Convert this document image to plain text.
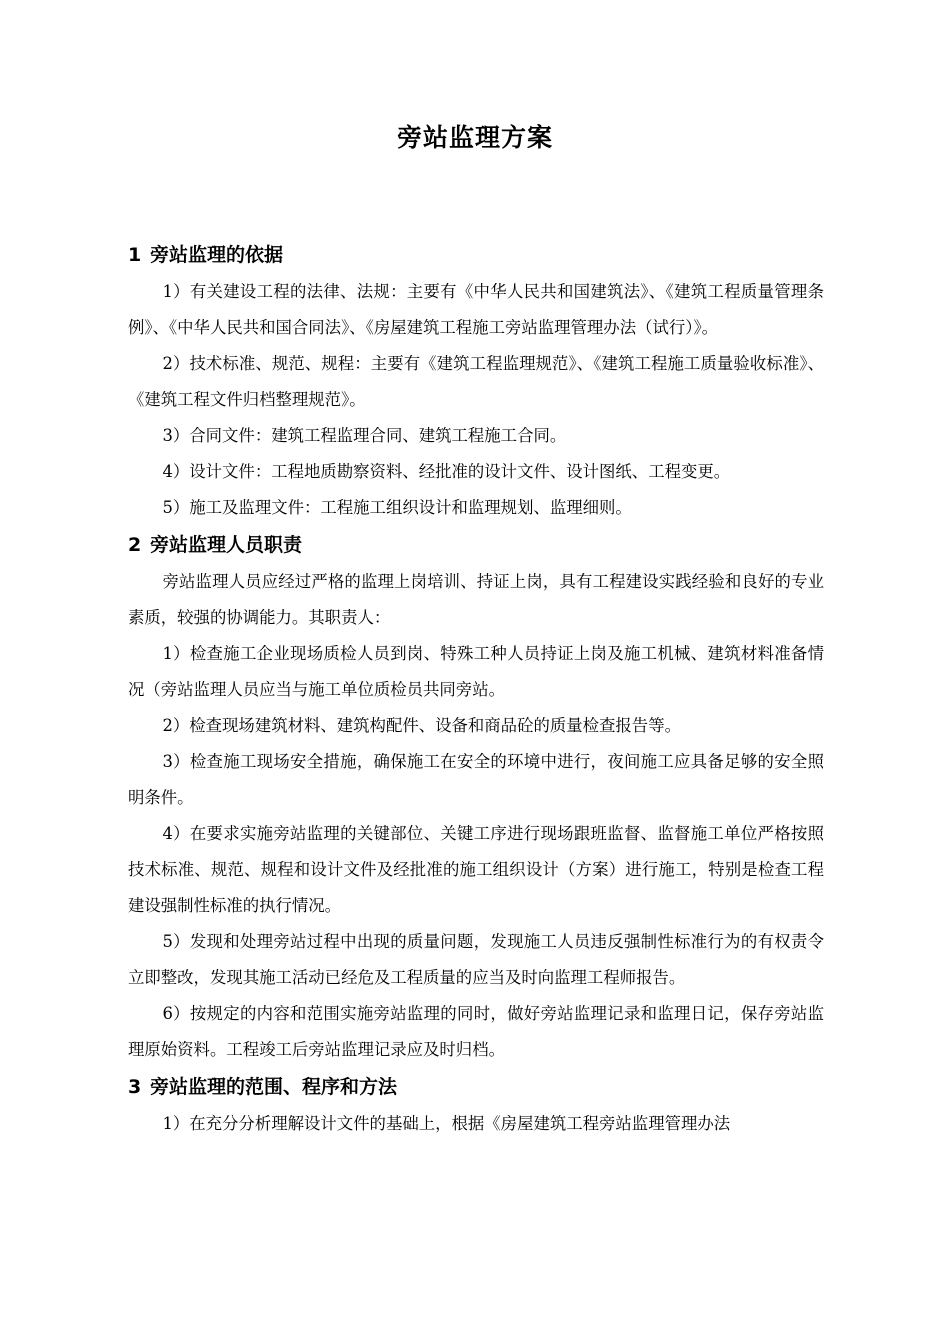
旁站监理方案
1 旁站监理的依据

1）有关建设工程的法律、法规：主要有《中华人民共和国建筑法》、《建筑工程质量管理条例》、《中华人民共和国合同法》、《房屋建筑工程施工旁站监理管理办法（试行）》。

2）技术标准、规范、规程：主要有《建筑工程监理规范》、《建筑工程施工质量验收标准》、《建筑工程文件归档整理规范》。

3）合同文件：建筑工程监理合同、建筑工程施工合同。

4）设计文件：工程地质勘察资料、经批准的设计文件、设计图纸、工程变更。

5）施工及监理文件：工程施工组织设计和监理规划、监理细则。

2 旁站监理人员职责

旁站监理人员应经过严格的监理上岗培训、持证上岗，具有工程建设实践经验和良好的专业素质，较强的协调能力。其职责人：

1）检查施工企业现场质检人员到岗、特殊工种人员持证上岗及施工机械、建筑材料准备情况（旁站监理人员应当与施工单位质检员共同旁站。

2）检查现场建筑材料、建筑构配件、设备和商品砼的质量检查报告等。

3）检查施工现场安全措施，确保施工在安全的环境中进行，夜间施工应具备足够的安全照明条件。

4）在要求实施旁站监理的关键部位、关键工序进行现场跟班监督、监督施工单位严格按照技术标准、规范、规程和设计文件及经批准的施工组织设计（方案）进行施工，特别是检查工程建设强制性标准的执行情况。

5）发现和处理旁站过程中出现的质量问题，发现施工人员违反强制性标准行为的有权责令立即整改，发现其施工活动已经危及工程质量的应当及时向监理工程师报告。

6）按规定的内容和范围实施旁站监理的同时，做好旁站监理记录和监理日记，保存旁站监理原始资料。工程竣工后旁站监理记录应及时归档。

3 旁站监理的范围、程序和方法

1）在充分分析理解设计文件的基础上，根据《房屋建筑工程旁站监理管理办法
